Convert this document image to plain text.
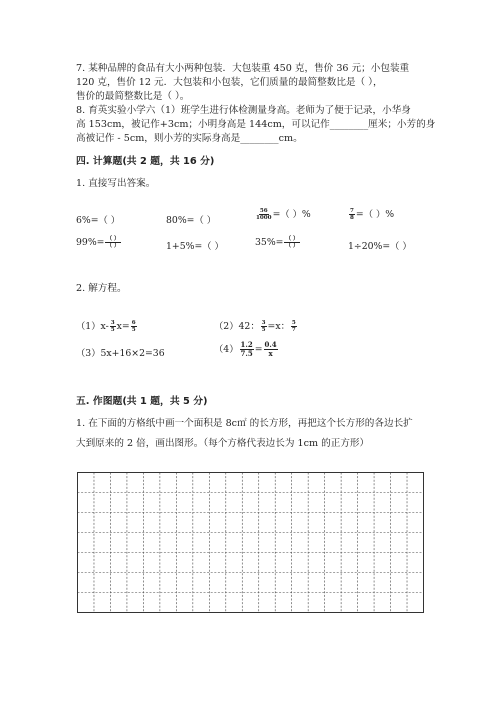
7. 某种品牌的食品有大小两种包装．大包装重 450 克，售价 36 元；小包装重
120 克，售价 12 元．大包装和小包装，它们质量的最简整数比是（ ），
售价的最简整数比是（ ）。
8. 育英实验小学六（1）班学生进行体检测量身高。老师为了便于记录，小华身
高 153cm，被记作+3cm；小明身高是 144cm，可以记作________厘米；小芳的身
高被记作 - 5cm，则小芳的实际身高是________cm。
四. 计算题(共 2 题，共 16 分)
1. 直接写出答案。
6%=（ ）	80%=（ ）	$\frac{56}{1000}$ =（ ）%	$\frac{7}{8}$ =（ ）%
$99\%= \frac{( )}{( )}$	1+5%=（ ）	$35\%= \frac{( )}{( )}$	1÷20%=（ ）
2. 解方程。
$(1)x- \frac{3}{5} x= \frac{6}{5}$	（2）42： $\frac{3}{5} =x$： $\frac{5}{7}$
（3）5x+16×2=36	$(4) \frac{1.2}{7.5} = \frac{0.4}{x}$
五. 作图题(共 1 题，共 5 分)
1. 在下面的方格纸中画一个面积是 8c㎡ 的长方形，再把这个长方形的各边长扩
大到原来的 2 倍，画出图形。（每个方格代表边长为 1cm 的正方形）
